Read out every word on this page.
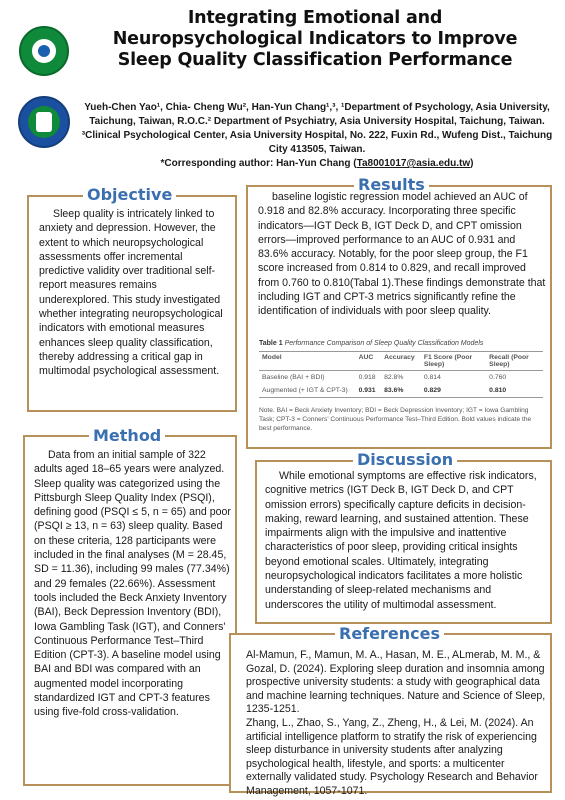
Integrating Emotional and Neuropsychological Indicators to Improve Sleep Quality Classification Performance
Yueh-Chen Yao¹, Chia- Cheng Wu², Han-Yun Chang¹,³, ¹Department of Psychology, Asia University, Taichung, Taiwan, R.O.C.² Department of Psychiatry, Asia University Hospital, Taichung, Taiwan. ³Clinical Psychological Center, Asia University Hospital, No. 222, Fuxin Rd., Wufeng Dist., Taichung City 413505, Taiwan.
*Corresponding author: Han-Yun Chang (Ta8001017@asia.edu.tw)
Objective
Sleep quality is intricately linked to anxiety and depression. However, the extent to which neuropsychological assessments offer incremental predictive validity over traditional self-report measures remains underexplored. This study investigated whether integrating neuropsychological indicators with emotional measures enhances sleep quality classification, thereby addressing a critical gap in multimodal psychological assessment.
Method
Data from an initial sample of 322 adults aged 18–65 years were analyzed. Sleep quality was categorized using the Pittsburgh Sleep Quality Index (PSQI), defining good (PSQI ≤ 5, n = 65) and poor (PSQI ≥ 13, n = 63) sleep quality. Based on these criteria, 128 participants were included in the final analyses (M = 28.45, SD = 11.36), including 99 males (77.34%) and 29 females (22.66%). Assessment tools included the Beck Anxiety Inventory (BAI), Beck Depression Inventory (BDI), Iowa Gambling Task (IGT), and Conners' Continuous Performance Test–Third Edition (CPT-3). A baseline model using BAI and BDI was compared with an augmented model incorporating standardized IGT and CPT-3 features using five-fold cross-validation.
Results
baseline logistic regression model achieved an AUC of 0.918 and 82.8% accuracy. Incorporating three specific indicators—IGT Deck B, IGT Deck D, and CPT omission errors—improved performance to an AUC of 0.931 and 83.6% accuracy. Notably, for the poor sleep group, the F1 score increased from 0.814 to 0.829, and recall improved from 0.760 to 0.810(Tabal 1).These findings demonstrate that including IGT and CPT-3 metrics significantly refine the identification of individuals with poor sleep quality.
Table 1 Performance Comparison of Sleep Quality Classification Models
Model	AUC	Accuracy	F1 Score (Poor Sleep)	Recall (Poor Sleep)
Baseline (BAI + BDI)	0.918	82.8%	0.814	0.760
Augmented (+ IGT & CPT-3)	0.931	83.6%	0.829	0.810
Note. BAI = Beck Anxiety Inventory; BDI = Beck Depression Inventory; IGT = Iowa Gambling Task; CPT-3 = Conners' Continuous Performance Test–Third Edition. Bold values indicate the best performance.
Discussion
While emotional symptoms are effective risk indicators, cognitive metrics (IGT Deck B, IGT Deck D, and CPT omission errors) specifically capture deficits in decision-making, reward learning, and sustained attention. These impairments align with the impulsive and inattentive characteristics of poor sleep, providing critical insights beyond emotional scales. Ultimately, integrating neuropsychological indicators facilitates a more holistic understanding of sleep-related mechanisms and underscores the utility of multimodal assessment.
References
Al-Mamun, F., Mamun, M. A., Hasan, M. E., ALmerab, M. M., & Gozal, D. (2024). Exploring sleep duration and insomnia among prospective university students: a study with geographical data and machine learning techniques. Nature and Science of Sleep, 1235-1251.
Zhang, L., Zhao, S., Yang, Z., Zheng, H., & Lei, M. (2024). An artificial intelligence platform to stratify the risk of experiencing sleep disturbance in university students after analyzing psychological health, lifestyle, and sports: a multicenter externally validated study. Psychology Research and Behavior Management, 1057-1071.
